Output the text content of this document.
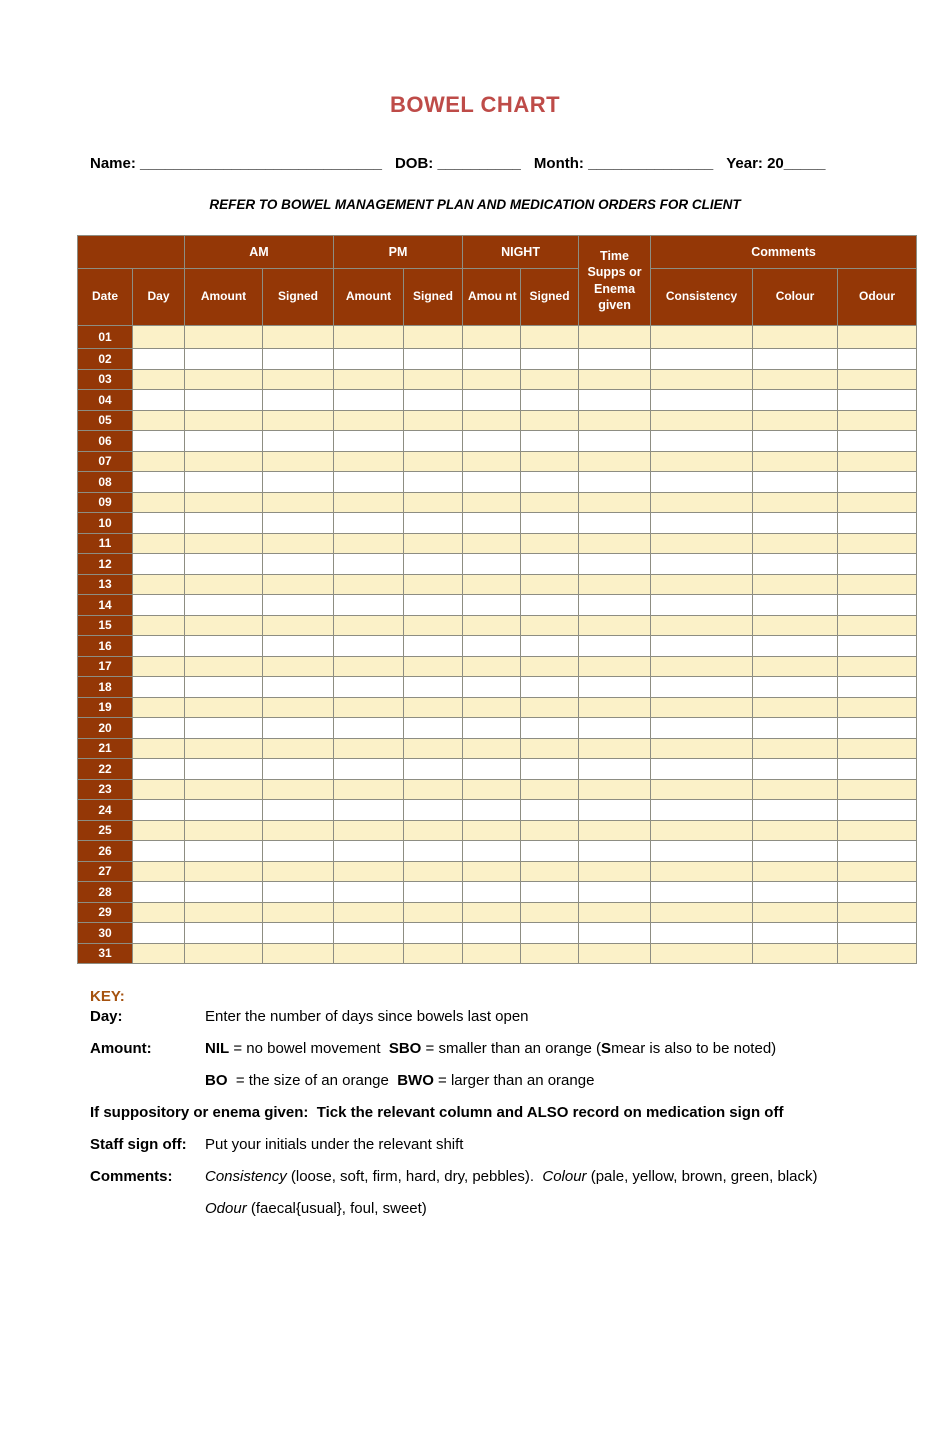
BOWEL CHART
Name: _____________________________ DOB: __________ Month: _______________ Year: 20_____
REFER TO BOWEL MANAGEMENT PLAN AND MEDICATION ORDERS FOR CLIENT
		AM		PM		NIGHT		Time Supps or Enema given	Comments		
Date	Day	Amount	Signed	Amount	Signed	Amou nt	Signed		Consistency	Colour	Odour
01											
02											
03											
04											
05											
06											
07											
08											
09											
10											
11											
12											
13											
14											
15											
16											
17											
18											
19											
20											
21											
22											
23											
24											
25											
26											
27											
28											
29											
30											
31											
KEY:
Day:	Enter the number of days since bowels last open
Amount:	NIL = no bowel movement  SBO = smaller than an orange (Smear is also to be noted)
BO  = the size of an orange  BWO = larger than an orange
If suppository or enema given:  Tick the relevant column and ALSO record on medication sign off
Staff sign off:	Put your initials under the relevant shift
Comments:	Consistency (loose, soft, firm, hard, dry, pebbles).  Colour (pale, yellow, brown, green, black)
Odour (faecal{usual}, foul, sweet)
